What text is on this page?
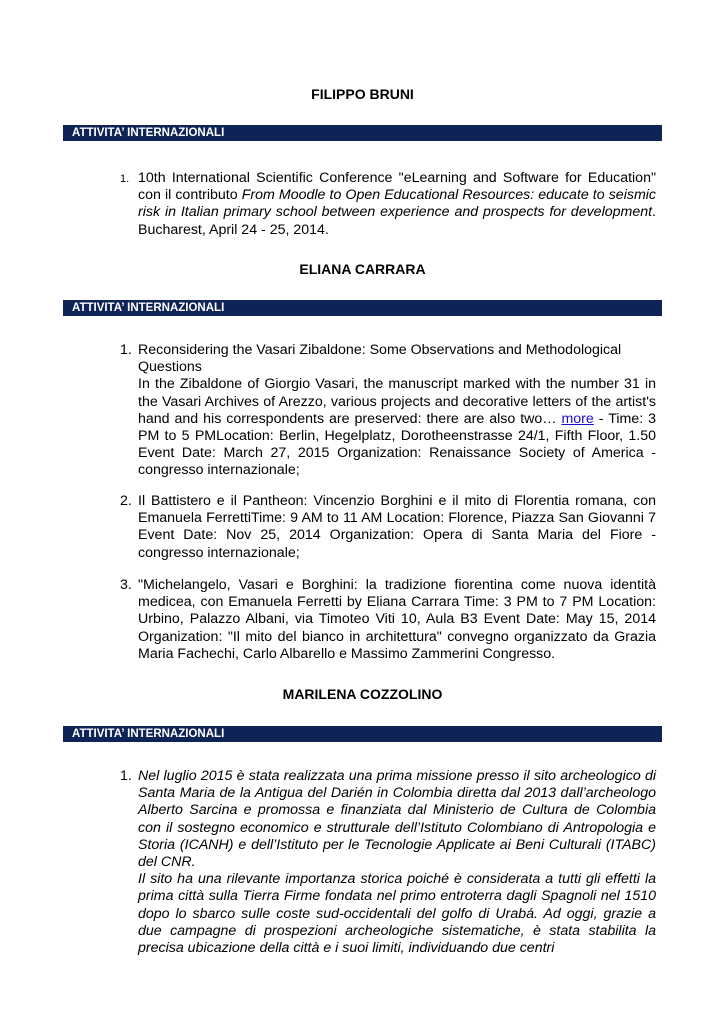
FILIPPO BRUNI
ATTIVITA’ INTERNAZIONALI
1. 10th International Scientific Conference "eLearning and Software for Education" con il contributo From Moodle to Open Educational Resources: educate to seismic risk in Italian primary school between experience and prospects for development. Bucharest, April 24 - 25, 2014.

ELIANA CARRARA
ATTIVITA’ INTERNAZIONALI
1. Reconsidering the Vasari Zibaldone: Some Observations and Methodological Questions

In the Zibaldone of Giorgio Vasari, the manuscript marked with the number 31 in the Vasari Archives of Arezzo, various projects and decorative letters of the artist's hand and his correspondents are preserved: there are also two… more - Time: 3 PM to 5 PMLocation: Berlin, Hegelplatz, Dorotheenstrasse 24/1, Fifth Floor, 1.50 Event Date: March 27, 2015 Organization: Renaissance Society of America - congresso internazionale;

2. Il Battistero e il Pantheon: Vincenzio Borghini e il mito di Florentia romana, con Emanuela FerrettiTime: 9 AM to 11 AM Location: Florence, Piazza San Giovanni 7 Event Date: Nov 25, 2014 Organization: Opera di Santa Maria del Fiore - congresso internazionale;

3. "Michelangelo, Vasari e Borghini: la tradizione fiorentina come nuova identità medicea, con Emanuela Ferretti by Eliana Carrara Time: 3 PM to 7 PM Location: Urbino, Palazzo Albani, via Timoteo Viti 10, Aula B3 Event Date: May 15, 2014 Organization: "Il mito del bianco in architettura" convegno organizzato da Grazia Maria Fachechi, Carlo Albarello e Massimo Zammerini Congresso.

MARILENA COZZOLINO
ATTIVITA’ INTERNAZIONALI
1. Nel luglio 2015 è stata realizzata una prima missione presso il sito archeologico di Santa Maria de la Antigua del Darién in Colombia diretta dal 2013 dall’archeologo Alberto Sarcina e promossa e finanziata dal Ministerio de Cultura de Colombia con il sostegno economico e strutturale dell’Istituto Colombiano di Antropologia e Storia (ICANH) e dell’Istituto per le Tecnologie Applicate ai Beni Culturali (ITABC) del CNR.

Il sito ha una rilevante importanza storica poiché è considerata a tutti gli effetti la prima città sulla Tierra Firme fondata nel primo entroterra dagli Spagnoli nel 1510 dopo lo sbarco sulle coste sud-occidentali del golfo di Urabá. Ad oggi, grazie a due campagne di prospezioni archeologiche sistematiche, è stata stabilita la precisa ubicazione della città e i suoi limiti, individuando due centri
